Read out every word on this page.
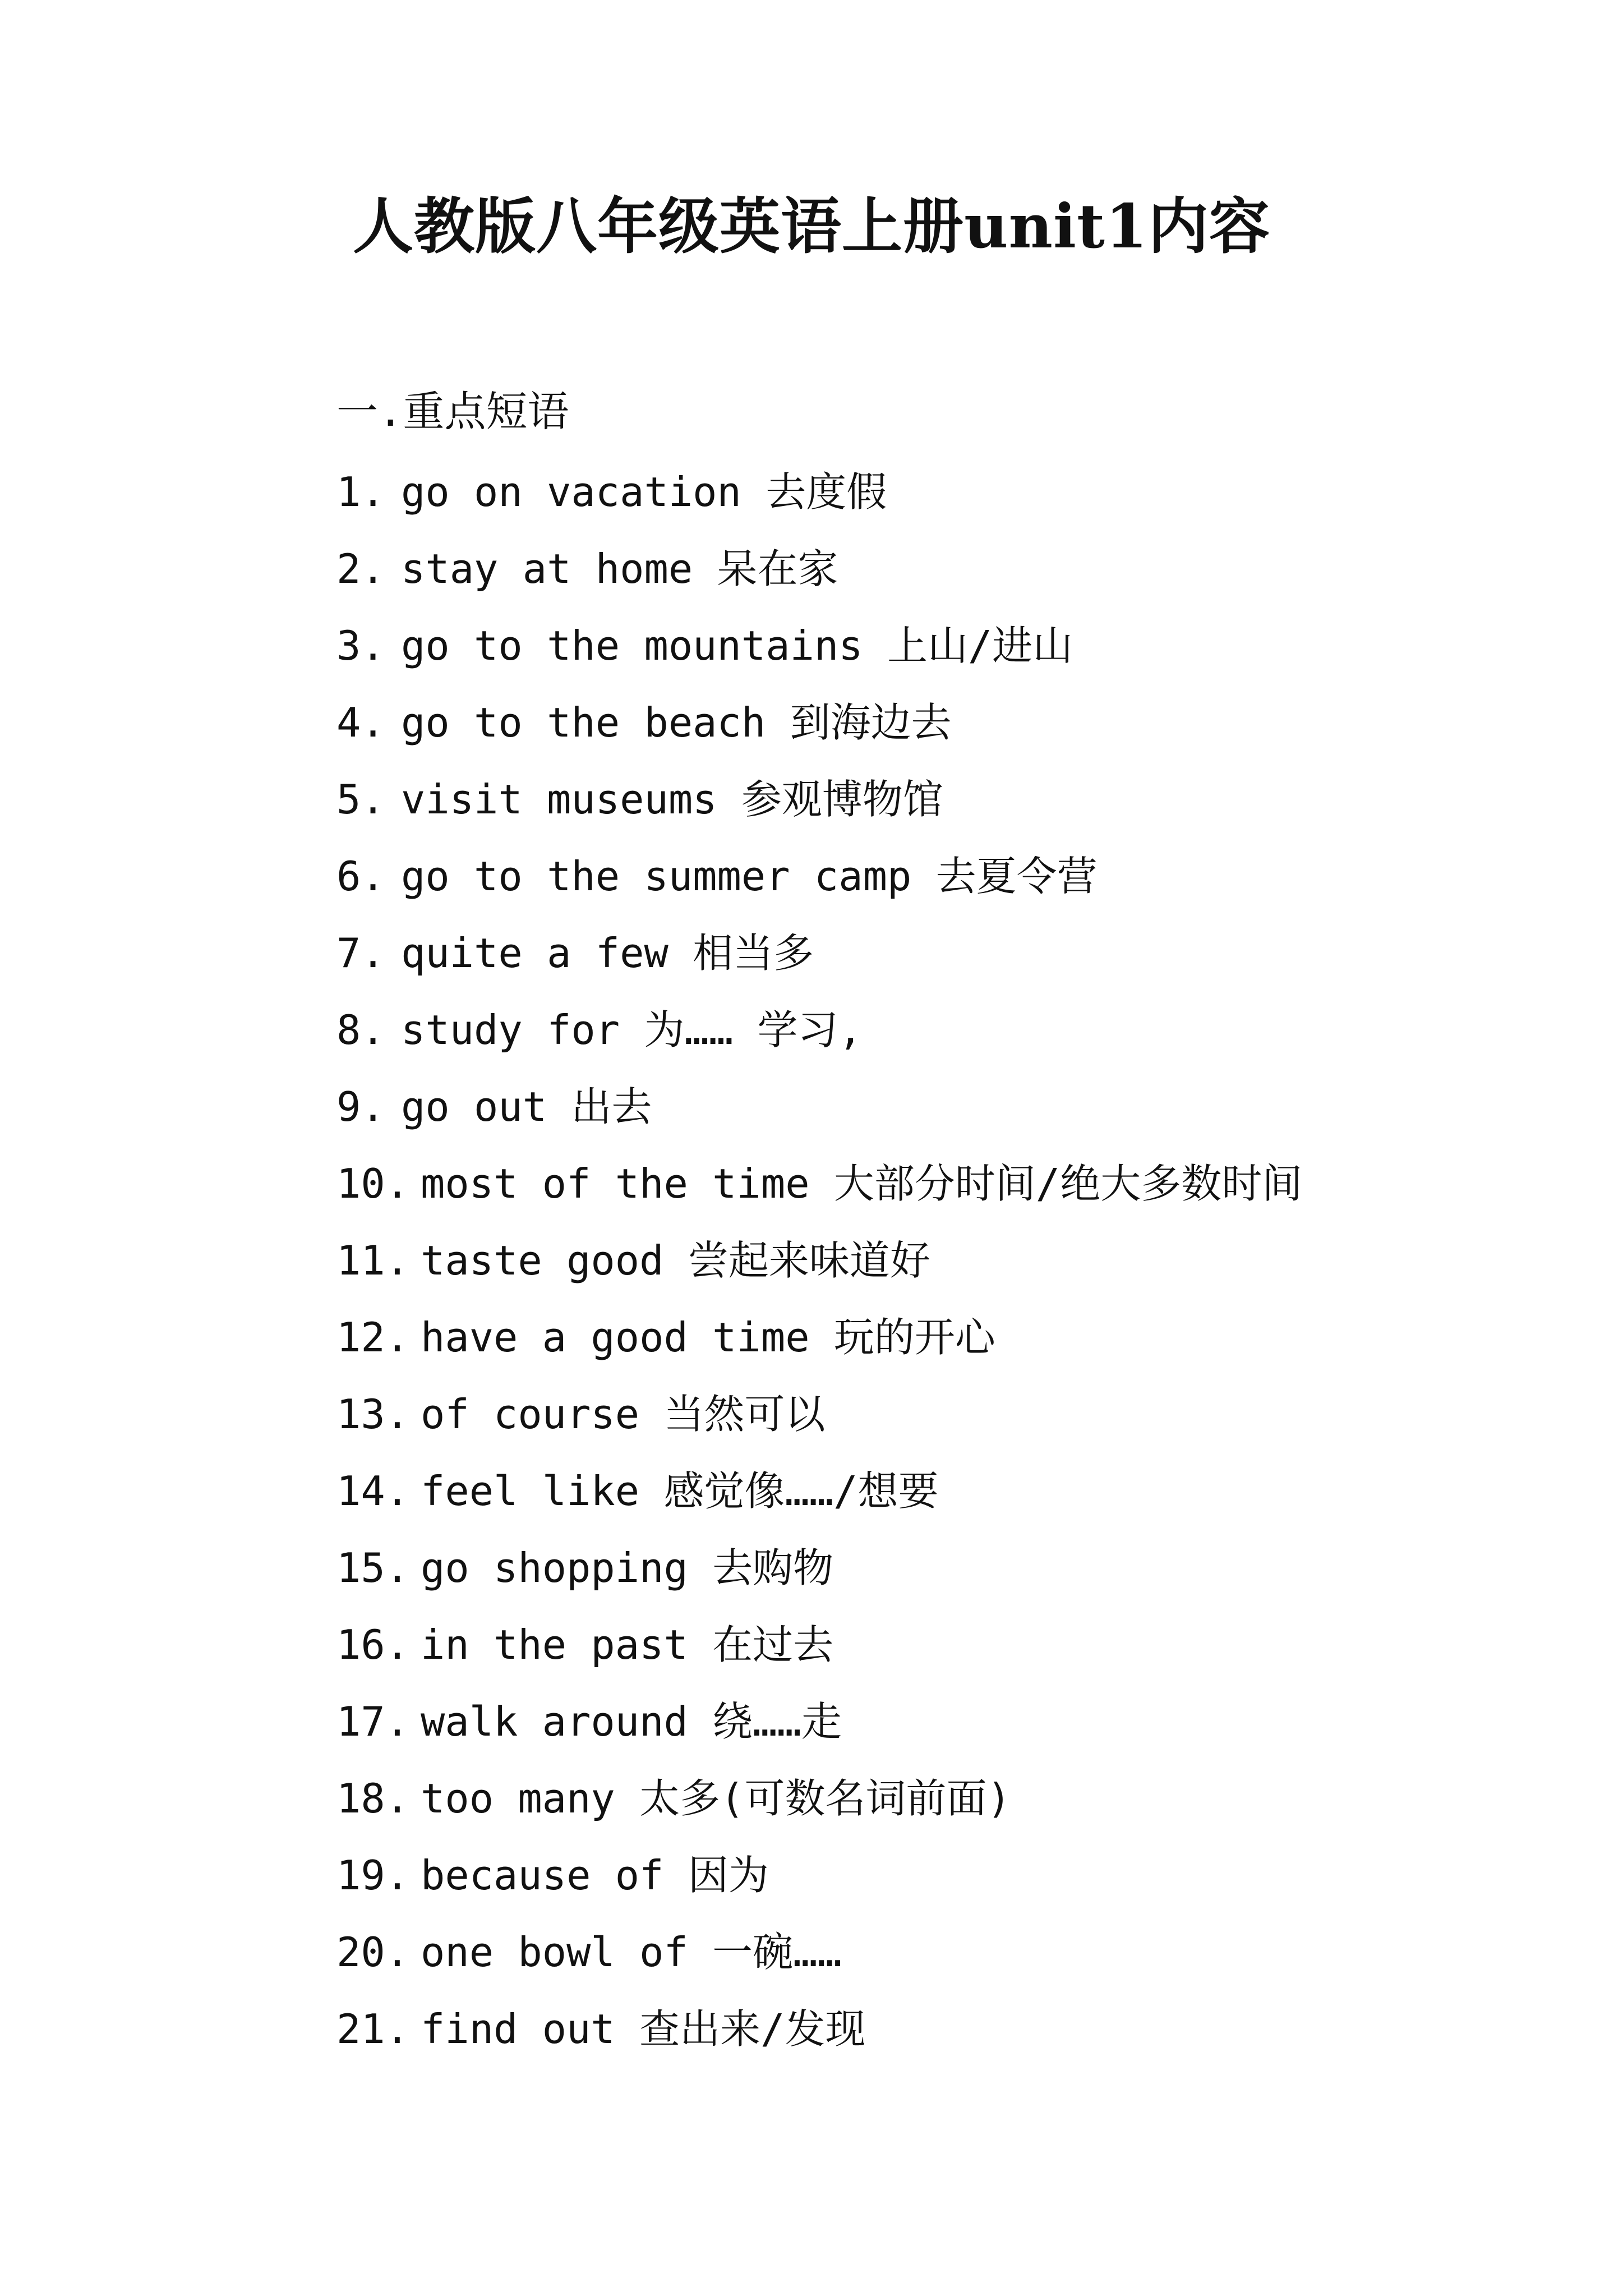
人教版八年级英语上册unit1内容
一.重点短语
1. go on vacation 去度假
2. stay at home 呆在家
3. go to the mountains 上山/进山
4. go to the beach 到海边去
5. visit museums 参观博物馆
6. go to the summer camp 去夏令营
7. quite a few 相当多
8. study for 为…… 学习,
9. go out 出去
10. most of the time 大部分时间/绝大多数时间
11. taste good 尝起来味道好
12. have a good time 玩的开心
13. of course 当然可以
14. feel like 感觉像……/想要
15. go shopping 去购物
16. in the past 在过去
17. walk around 绕……走
18. too many 太多(可数名词前面)
19. because of 因为
20. one bowl of 一碗……
21. find out 查出来/发现
